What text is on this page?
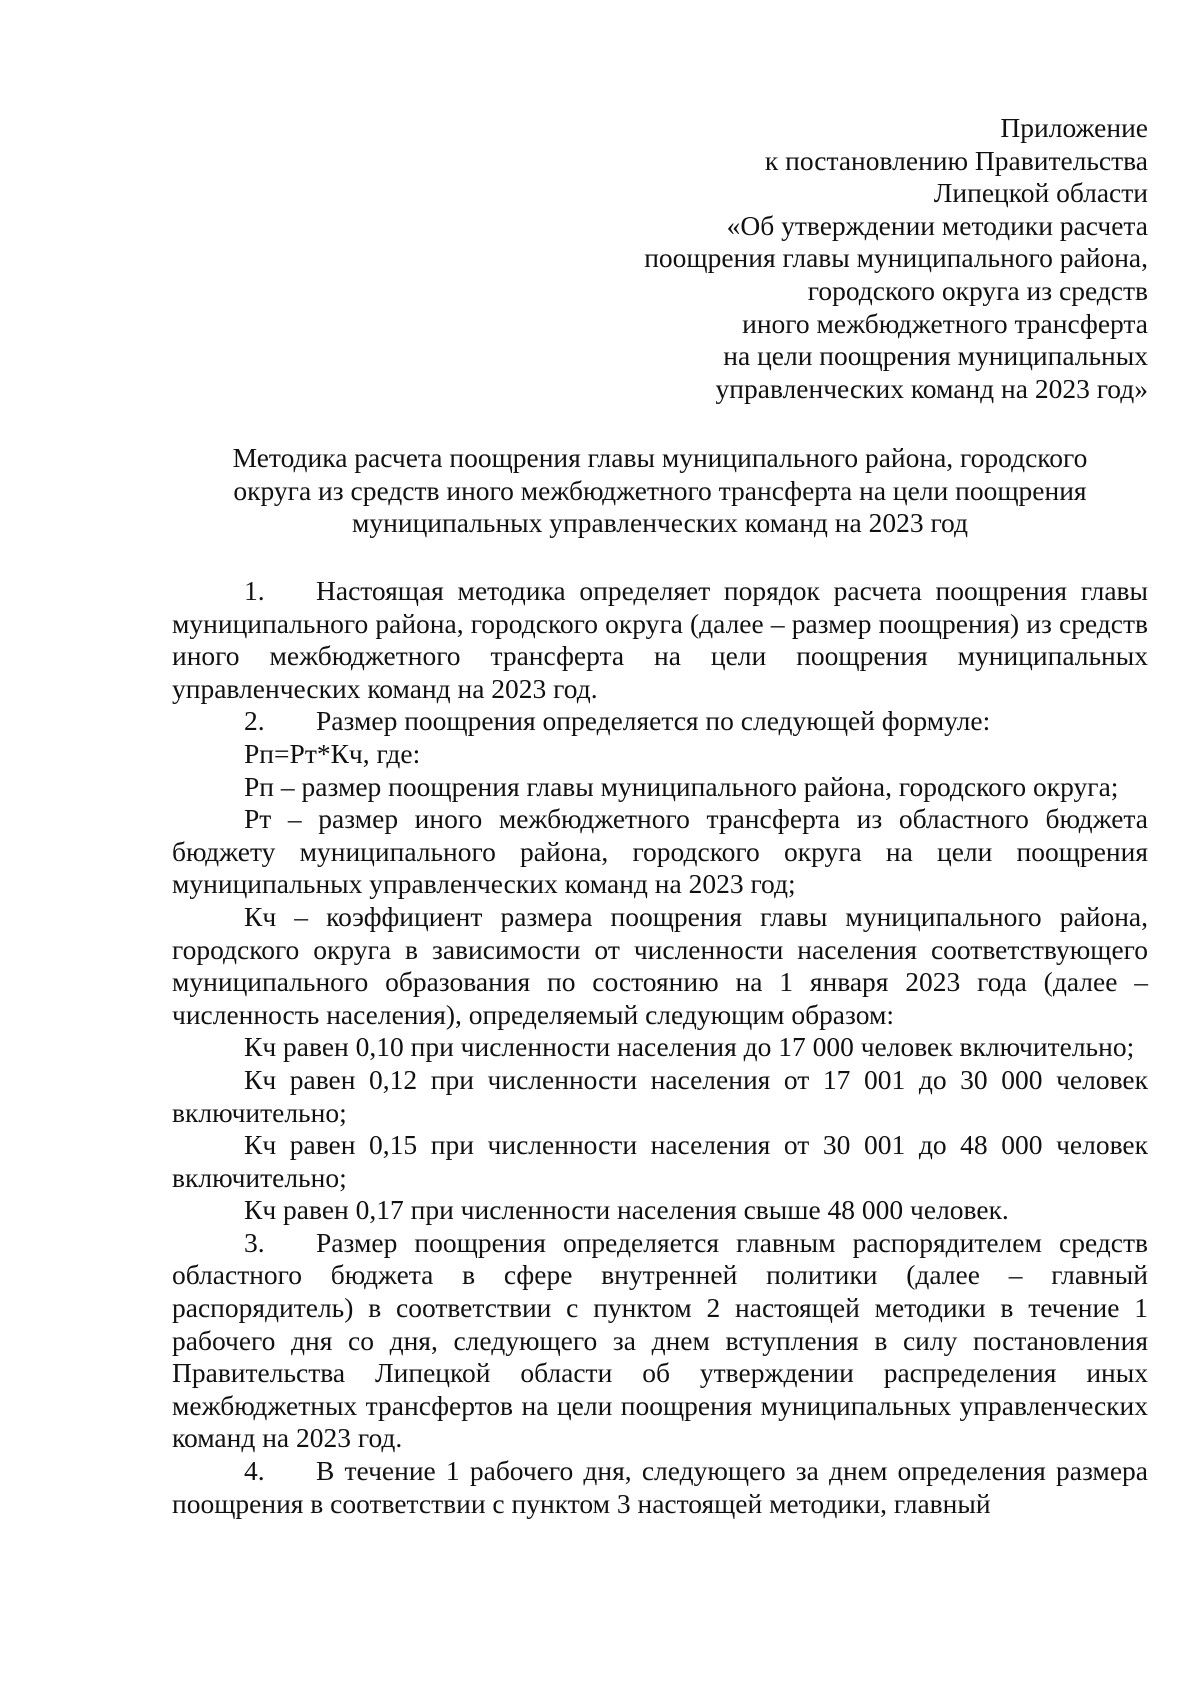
Приложение
к постановлению Правительства
Липецкой области
«Об утверждении методики расчета
поощрения главы муниципального района,
городского округа из средств
иного межбюджетного трансферта
на цели поощрения муниципальных
управленческих команд на 2023 год»
Методика расчета поощрения главы муниципального района, городского
округа из средств иного межбюджетного трансферта на цели поощрения
муниципальных управленческих команд на 2023 год

1. Настоящая методика определяет порядок расчета поощрения главы муниципального района, городского округа (далее – размер поощрения) из средств иного межбюджетного трансферта на цели поощрения муниципальных управленческих команд на 2023 год.

2. Размер поощрения определяется по следующей формуле:

Рп=Рт*Кч, где:

Рп – размер поощрения главы муниципального района, городского округа;

Рт – размер иного межбюджетного трансферта из областного бюджета бюджету муниципального района, городского округа на цели поощрения муниципальных управленческих команд на 2023 год;

Кч – коэффициент размера поощрения главы муниципального района, городского округа в зависимости от численности населения соответствующего муниципального образования по состоянию на 1 января 2023 года (далее – численность населения), определяемый следующим образом:

Кч равен 0,10 при численности населения до 17 000 человек включительно;

Кч равен 0,12 при численности населения от 17 001 до 30 000 человек включительно;

Кч равен 0,15 при численности населения от 30 001 до 48 000 человек включительно;

Кч равен 0,17 при численности населения свыше 48 000 человек.

3. Размер поощрения определяется главным распорядителем средств областного бюджета в сфере внутренней политики (далее – главный распорядитель) в соответствии с пунктом 2 настоящей методики в течение 1 рабочего дня со дня, следующего за днем вступления в силу постановления Правительства Липецкой области об утверждении распределения иных межбюджетных трансфертов на цели поощрения муниципальных управленческих команд на 2023 год.

4. В течение 1 рабочего дня, следующего за днем определения размера поощрения в соответствии с пунктом 3 настоящей методики, главный
